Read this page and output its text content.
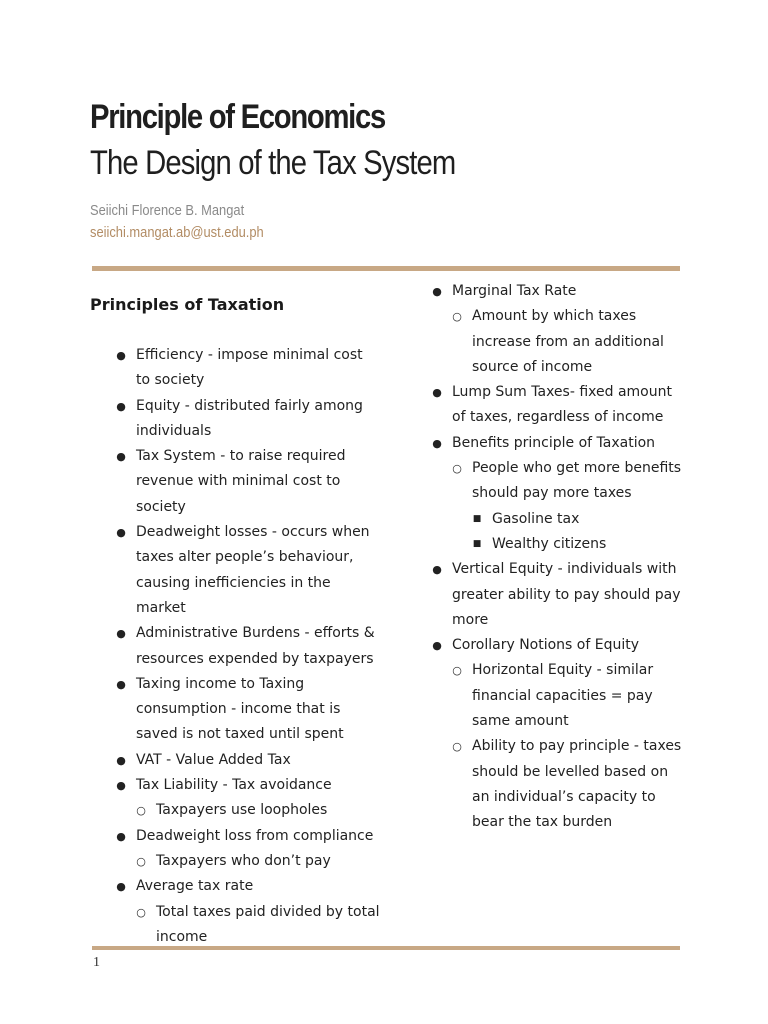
Principle of Economics
The Design of the Tax System
Seiichi Florence B. Mangat
seiichi.mangat.ab@ust.edu.ph
Principles of Taxation
● Efficiency - impose minimal cost to society
● Equity - distributed fairly among individuals
● Tax System - to raise required revenue with minimal cost to society
● Deadweight losses - occurs when taxes alter people’s behaviour, causing inefficiencies in the market
● Administrative Burdens - efforts & resources expended by taxpayers
● Taxing income to Taxing consumption - income that is saved is not taxed until spent
● VAT - Value Added Tax
● Tax Liability - Tax avoidance
○ Taxpayers use loopholes
● Deadweight loss from compliance
○ Taxpayers who don’t pay
● Average tax rate
○ Total taxes paid divided by total income
● Marginal Tax Rate
○ Amount by which taxes increase from an additional source of income
● Lump Sum Taxes- fixed amount of taxes, regardless of income
● Benefits principle of Taxation
○ People who get more benefits should pay more taxes
■ Gasoline tax
■ Wealthy citizens
● Vertical Equity - individuals with greater ability to pay should pay more
● Corollary Notions of Equity
○ Horizontal Equity - similar financial capacities = pay same amount
○ Ability to pay principle - taxes should be levelled based on an individual’s capacity to bear the tax burden
1
